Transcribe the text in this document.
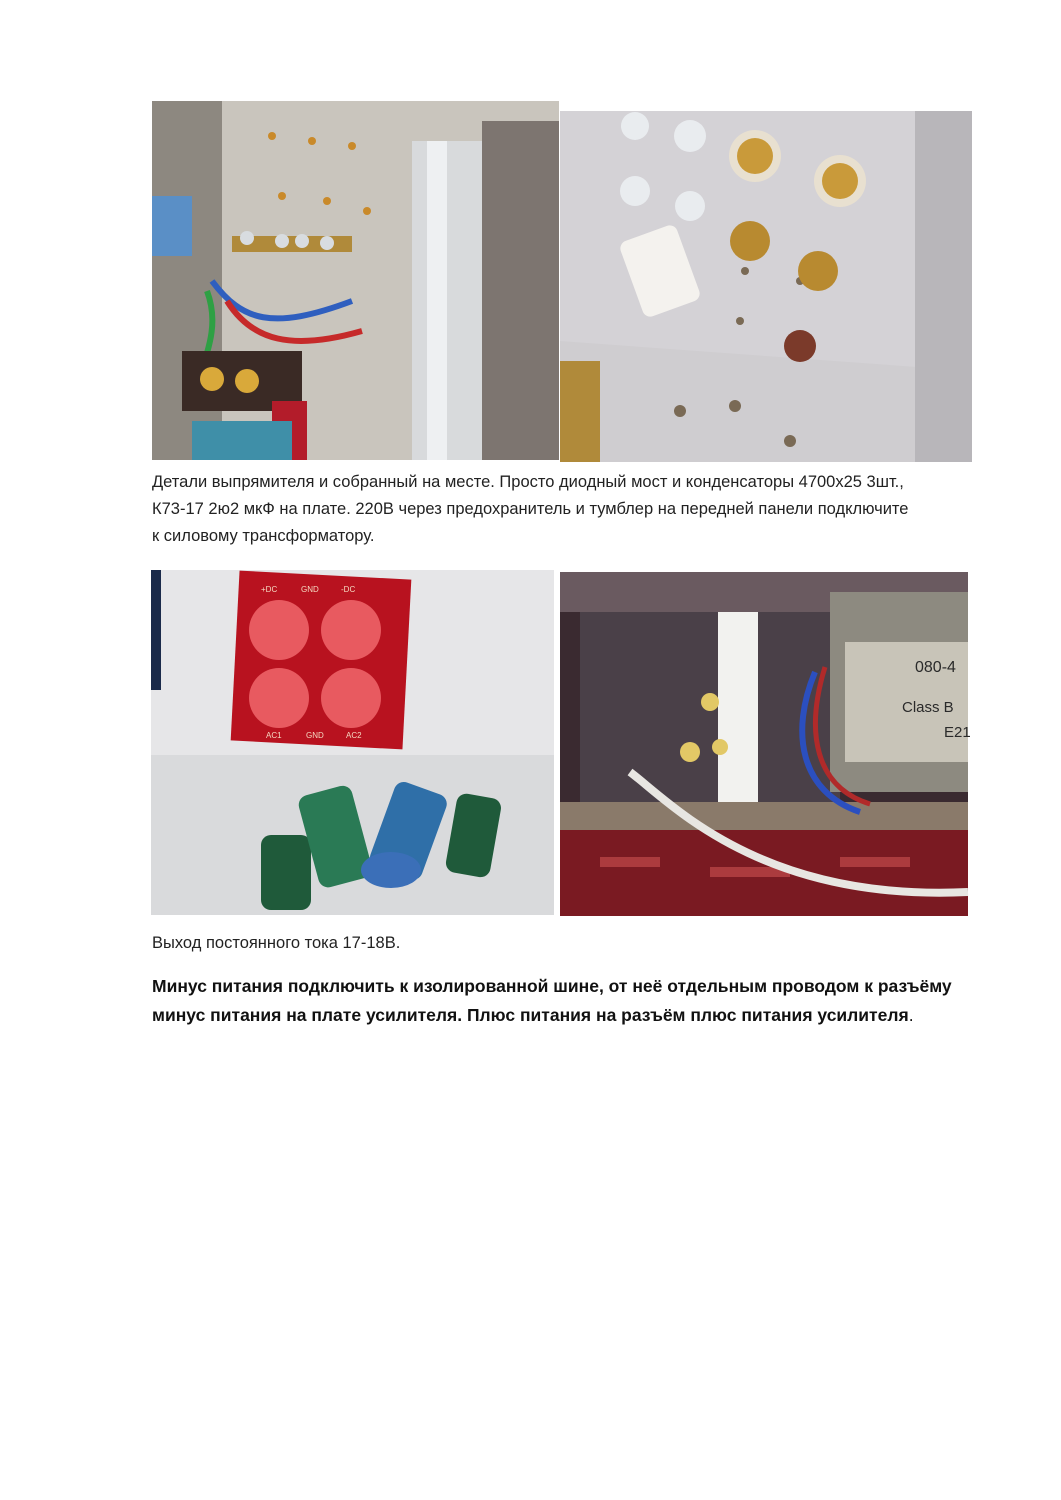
Детали выпрямителя и собранный на месте. Просто диодный мост и конденсаторы 4700х25 3шт.,
К73-17 2ю2 мкФ на плате. 220В через предохранитель и тумблер на передней панели подключите
к силовому трансформатору.

+DC	GND	-DC
AC1	GND	AC2
080-4
Class B
E21

Выход постоянного тока 17-18В.

Минус питания подключить к изолированной шине, от неё отдельным проводом к разъёму минус питания на плате усилителя. Плюс питания на разъём плюс питания усилителя.
